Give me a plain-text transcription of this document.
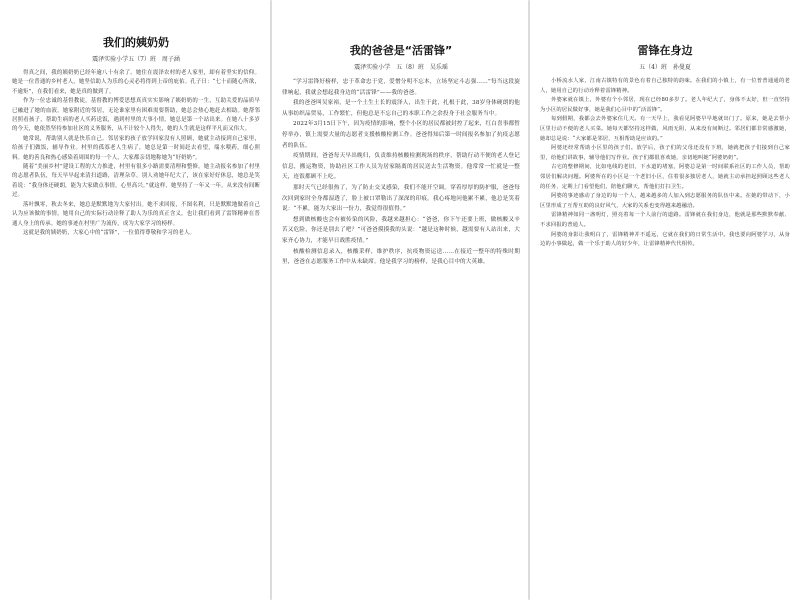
我们的姨奶奶
震泽实验小学五（7）班　周子涵

得真之间，我的姨奶奶已经年逾八十有余了。她住在震泽农村的老人家里，却有着坚实的信仰。她是一位普通的乡村老人，她坚信助人为乐的心灵必将得到上帝的庇佑。孔子曰：“七十而随心所欲，不逾矩”，在我们看来，她是真的做到了。

作为一位忠诚的基督教徒，基督教的博爱思想真真实实影响了姨奶奶的一生，互助关爱的品质早已融进了她的血液。她家附近的邻居，无论谁家里有困难需要帮助，她总会热心地赶去相助。她帮邻居照看孩子，帮助生病的老人买药送饭，遇到村里的大事小情，她总是第一个站出来。在她八十多岁的今天，她依然坚持参加社区的义务服务，从不计较个人得失，她的人生就是这样平凡而又伟大。

她常说，帮助别人就是快乐自己。邻居家的孩子放学回家没有人照顾，她就主动接到自己家里，给孩子们做饭，辅导作业。村里的孤寡老人生病了，她总是第一时间赶去看望，端水喂药，细心照料。她的善良和热心感染着周围的每一个人，大家都亲切地称她为“好奶奶”。

随着“美丽乡村”建设工程的大力推进，村里有很多小路需要清理和整修。她主动报名参加了村里的志愿者队伍，每天早早起来清扫道路，清理杂草。别人劝她年纪大了，该在家好好休息，她总是笑着说：“我身体还硬朗，能为大家做点事情，心里高兴。”就这样，她坚持了一年又一年，从来没有间断过。

落叶飘零，秋去冬来，她总是默默地为大家付出。她不求回报，不图名利，只是默默地做着自己认为应该做的事情。她用自己的实际行动诠释了助人为乐的真正含义，也让我们看到了雷锋精神在普通人身上的传承。她的事迹在村里广为流传，成为大家学习的榜样。

这就是我的姨奶奶，大家心中的“雷锋”，一位值得尊敬和学习的老人。

我的爸爸是“活雷锋”
震泽实验小学　五（8）班　吴乐瑶

“学习雷锋好榜样，忠于革命忠于党，爱憎分明不忘本，立场坚定斗志强……”每当这段旋律响起，我就会想起我身边的“活雷锋”——我的爸爸。

我的爸爸叫吴家裕，是一个土生土长的震泽人，出生于此，扎根于此，38岁身体硬朗的他从事纺织品贸易，工作繁忙，但他总是不忘自己的本职工作之余投身于社会服务当中。

2022年3月15日下午，因为疫情的影响，整个小区的居民都被封控了起来，红白喜事都暂停举办，镇上需要大量的志愿者支援核酸检测工作。爸爸得知后第一时间报名参加了抗疫志愿者的队伍。

疫情期间，爸爸每天早出晚归，负责维持核酸检测现场的秩序，帮助行动不便的老人登记信息，搬运物资，协助社区工作人员为居家隔离的居民送去生活物资。他常常一忙就是一整天，连饭都顾不上吃。

那时天气已经很热了，为了防止交叉感染，我们不能开空调。穿着厚厚的防护服，爸爸每次回到家时全身都湿透了，脸上被口罩勒出了深深的印痕。我心疼地问他累不累，他总是笑着说：“不累，能为大家出一份力，我觉得很值得。”

想到做核酸也会有被传染的风险，我越来越担心：“爸爸，你下午还要上班，做核酸又辛苦又危险，你还是别去了吧？”可爸爸摸摸我的头说：“越是这种时候，越需要有人站出来，大家齐心协力，才能早日战胜疫情。”

核酸检测信息录入，核酸采样，维护秩序，抗疫物资运送……在接近一整年的特殊时期里，爸爸在志愿服务工作中从未缺席。他是我学习的榜样，是我心目中的大英雄。

雷锋在身边
五（4）班　孙曼夏

小桥流水人家，江南古镇特有的景色有着自己独特的韵味。在我们的小镇上，有一位普普通通的老人，她用自己的行动诠释着雷锋精神。

外婆家就在镇上，外婆有个小邻居，现在已经80多岁了。老人年纪大了，身体不太好，但一直坚持为小区的居民做好事，她是我们心目中的“活雷锋”。

每到假期，我都会去外婆家住几天。有一天早上，我看见阿婆早早地就出门了。原来，她是去帮小区里行动不便的老人买菜。她每天都坚持这样做，风雨无阻，从来没有间断过。邻居们都非常感激她，她却总是说：“大家都是邻居，互相帮助是应该的。”

阿婆还经常帮助小区里的孩子们。放学后，孩子们的父母还没有下班，她就把孩子们接到自己家里，给他们讲故事，辅导他们写作业。孩子们都很喜欢她，亲切地叫她“阿婆奶奶”。

古宅的整修期间，比如电线的老旧，下水道的堵塞，阿婆总是第一时间联系社区的工作人员，帮助邻居们解决问题。阿婆所在的小区是一个老旧小区，住着很多独居老人，她就主动承担起照顾这些老人的任务，定期上门看望他们，陪他们聊天，帮他们打扫卫生。

阿婆的事迹感动了身边的每一个人，越来越多的人加入到志愿服务的队伍中来。在她的带动下，小区里形成了互帮互助的良好风气，大家的关系也变得越来越融洽。

雷锋精神如同一盏明灯，照亮着每一个人前行的道路。雷锋就在我们身边，他就是那些默默奉献、不求回报的普通人。

阿婆的身影让我明白了，雷锋精神并不遥远，它就在我们的日常生活中。我也要向阿婆学习，从身边的小事做起，做一个乐于助人的好少年，让雷锋精神代代相传。
